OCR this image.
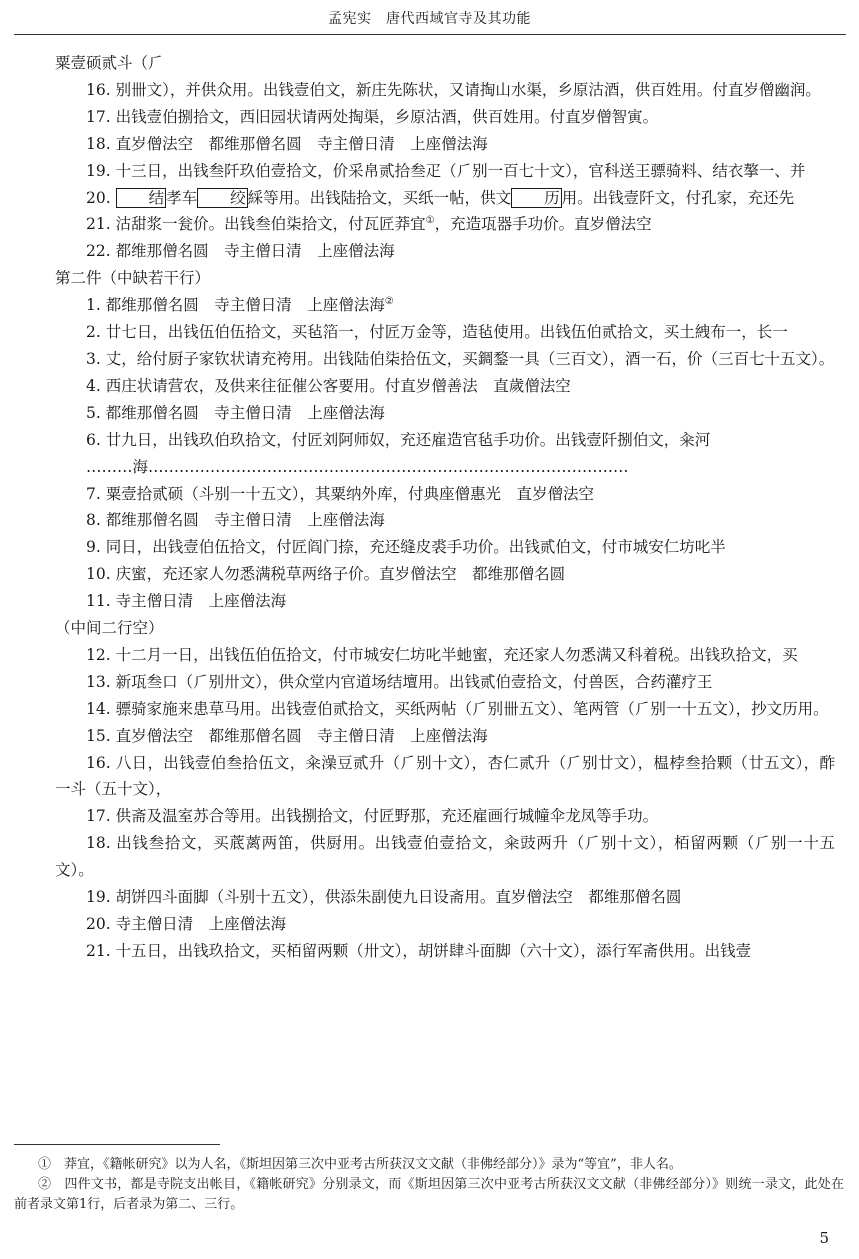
孟宪实　 唐代西域官寺及其功能
粟壹硕贰斗（⺁
16. 别卌文），并供众用。出钱壹伯文，新庄先陈状，又请掏山水渠，乡原沽酒，供百姓用。付直岁僧幽润。
17. 出钱壹伯捌拾文，西旧园状请两处掏渠，乡原沽酒，供百姓用。付直岁僧智寅。
18. 直岁僧法空　都维那僧名圆　寺主僧日清　上座僧法海
19. 十三日，出钱叁阡玖伯壹拾文，价采帛贰拾叁疋（⺁别一百七十文），官科送王骠骑料、结衣摮一、并
20. 结 孝车 绞 綵等用。出钱陆拾文，买纸一帖，供文 历 用。出钱壹阡文，付孔家，充还先
21. 沽甜浆一瓮价。出钱叁伯柒拾文，付瓦匠莽宜①，充造瓨器手功价。直岁僧法空
22. 都维那僧名圆　寺主僧日清　上座僧法海
第二件（中缺若干行）
1. 都维那僧名圆　寺主僧日清　上座僧法海②
2. 廿七日，出钱伍伯伍拾文，买毡箔一，付匠万金等，造毡使用。出钱伍伯贰拾文，买土絏布一，长一
3. 丈，给付厨子家钦状请充袴用。出钱陆伯柒拾伍文，买錭鍪一具（三百文），酒一石，价（三百七十五文）。
4. 西庄状请营农，及供来往征催公客要用。付直岁僧善法　直歲僧法空
5. 都维那僧名圆　寺主僧日清　上座僧法海
6. 廿九日，出钱玖伯玖拾文，付匠刘阿师奴，充还雇造官毡手功价。出钱壹阡捌伯文，籴河
………海…………………………………………………………………………………
7. 粟壹拾贰硕（斗别一十五文），其粟纳外库，付典座僧惠光　直岁僧法空
8. 都维那僧名圆　寺主僧日清　上座僧法海
9. 同日，出钱壹伯伍拾文，付匠阎门捺，充还缝皮裘手功价。出钱贰伯文，付市城安仁坊叱半
10. 庆蜜，充还家人勿悉满税草两络子价。直岁僧法空　都维那僧名圆
11. 寺主僧日清　上座僧法海
（中间二行空）
12. 十二月一日，出钱伍伯伍拾文，付市城安仁坊叱半虵蜜，充还家人勿悉满又科着税。出钱玖拾文，买
13. 新瓨叁口（⺁别卅文），供众堂内官道场结壇用。出钱贰伯壹拾文，付兽医，合药灌疗王
14. 骠骑家施来患草马用。出钱壹伯贰拾文，买纸两帖（⺁别卌五文）、笔两管（⺁别一十五文），抄文历用。
15. 直岁僧法空　都维那僧名圆　寺主僧日清　上座僧法海
16. 八日，出钱壹伯叁拾伍文，籴澡豆贰升（⺁别十文），杏仁贰升（⺁别廿文），榅桲叁拾颗（廿五文），酢一斗（五十文），
17. 供斋及温室苏合等用。出钱捌拾文，付匠野那，充还雇画行城幢伞龙凤等手功。
18. 出钱叁拾文，买菧蓠两笛，供厨用。出钱壹伯壹拾文，籴豉两升（⺁别十文），栢留两颗（⺁别一十五文）。
19. 胡饼四斗面脚（斗别十五文），供添朱副使九日设斋用。直岁僧法空　都维那僧名圆
20. 寺主僧日清　上座僧法海
21. 十五日，出钱玖拾文，买栢留两颗（卅文），胡饼肆斗面脚（六十文），添行军斋供用。出钱壹
①　 莽宜，《籍帐研究》以为人名，《斯坦因第三次中亚考古所获汉文文献（非佛经部分）》录为“等宜”，非人名。
②　 四件文书，都是寺院支出帐目，《籍帐研究》分别录文，而《斯坦因第三次中亚考古所获汉文文献（非佛经部分）》则统一录文，此处在前者录文第1行，后者录为第二、三行。
5
